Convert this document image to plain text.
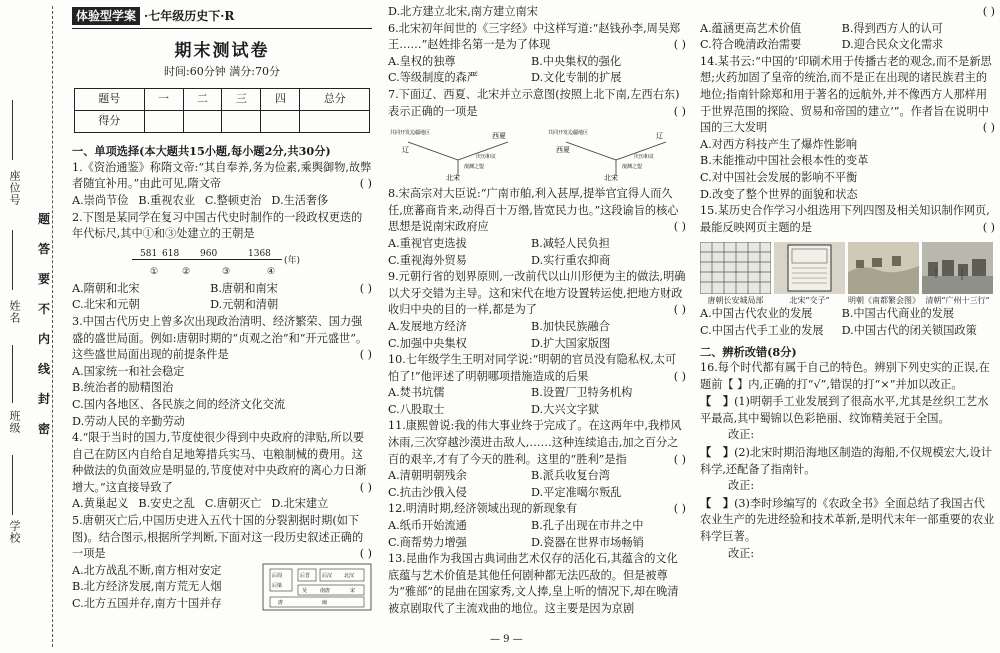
座位号
姓名
班级
学校
题
答
要
不
内
线
封
密
体验型学案 ·七年级历史下·R
期末测试卷
时间:60分钟 满分:70分
题号	一	二	三	四	总分
得分					
一、单项选择(本大题共15小题,每小题2分,共30分)
1.《资治通鉴》称隋文帝:“其自奉养,务为俭素,乘舆御物,故弊者随宜补用。”由此可见,隋文帝	( )
A.崇尚节俭 B.重视农业 C.整顿吏治 D.生活奢侈
2.下图是某同学在复习中国古代史时制作的一段政权更迭的年代标尺,其中①和③处建立的王朝是
581 618 960	1368
①	②	③	④
(年)
( )
A.隋朝和北宋	B.唐朝和南宋
C.北宋和元朝	D.元朝和清朝
3.中国古代历史上曾多次出现政治清明、经济繁荣、国力强盛的盛世局面。例如:唐朝时期的“贞观之治”和“开元盛世”。这些盛世局面出现的前提条件是	( )
A.国家统一和社会稳定
B.统治者的励精图治
C.国内各地区、各民族之间的经济文化交流
D.劳动人民的辛勤劳动
4.“限于当时的国力,节度使很少得到中央政府的津贴,所以要自己在防区内自给自足地筹措兵实马、屯粮制械的费用。这种做法的负面效应是明显的,节度使对中央政府的离心力日渐增大。”这直接导致了	( )
A.黄巢起义 B.安史之乱 C.唐朝灭亡 D.北宋建立
5.唐朝灭亡后,中国历史进入五代十国的分裂割据时期(如下图)。结合图示,根据所学判断,下面对这一段历史叙述正确的一项是	( )
A.北方战乱不断,南方相对安定
B.北方经济发展,南方荒无人烟
C.北方五国并存,南方十国并存
后周
后梁
唐
后晋 后汉 北汉
吴	南唐	宋
闽
D.北方建立北宋,南方建立南宋
6.北宋初年间世的《三字经》中这样写道:“赵钱孙李,周吴郑王……”赵姓排名第一是为了体现	( )
A.皇权的独尊	B.中央集权的强化
C.等级制度的森严	D.文化专制的扩展
7.下面辽、西夏、北宋并立示意图(按照上北下南,左西右东)表示正确的一项是	( )
共同开发边疆地区
辽
西夏
北宋
澶渊之盟
庆历和议
共同开发边疆地区
西夏
辽
北宋
澶渊之盟
庆历和议
8.宋高宗对大臣说:“广南市舶,利入甚厚,提举官宜得人而久任,庶蕃商肯来,动得百十万缗,皆宽民力也。”这段谕旨的核心思想是说南宋政府应	( )
A.重视官吏选拔	B.减轻人民负担
C.重视海外贸易	D.实行重农抑商
9.元朝行省的划界原则,一改前代以山川形便为主的做法,明确以犬牙交错为主导。这和宋代在地方设置转运使,把地方财政收归中央的目的一样,都是为了	( )
A.发展地方经济	B.加快民族融合
C.加强中央集权	D.扩大国家版图
10.七年级学生王明对同学说:“明朝的官员没有隐私权,太可怕了!”他评述了明朝哪项措施造成的后果	( )
A.焚书坑儒	B.设置厂卫特务机构
C.八股取士	D.大兴文字狱
11.康熙曾说:我的伟大事业终于完成了。在这两年中,我栉风沐雨,三次穿越沙漠进击敌人,……这种连续追击,加之百分之百的艰辛,才有了今天的胜利。这里的“胜利”是指	( )
A.清朝明朝残余	B.派兵收复台湾
C.抗击沙俄入侵	D.平定准噶尔叛乱
12.明清时期,经济领域出现的新现象有	( )
A.纸币开始流通	B.孔子出现在市井之中
C.商帮势力增强	D.瓷器在世界市场畅销
13.昆曲作为我国古典词曲艺术仅存的活化石,其蕴含的文化底蕴与艺术价值是其他任何剧种都无法匹敌的。但是被尊为“雅部”的昆曲在国家秀,文人捧,皇上听的情况下,却在晚清被京剧取代了主流戏曲的地位。这主要是因为京剧
( )
A.蕴涵更高艺术价值	B.得到西方人的认可
C.符合晚清政治需要	D.迎合民众文化需求
14.某书云:“中国的‘印刷术用于传播古老的观念,而不是新思想;火药加固了皇帝的统治,而不是正在出现的诸民族君主的地位;指南针除郑和用于著名的远航外,并不像西方人那样用于世界范围的探险、贸易和帝国的建立’”。作者旨在说明中国的三大发明	( )
A.对西方科技产生了爆炸性影响
B.未能推动中国社会根本性的变革
C.对中国社会发展的影响不平衡
D.改变了整个世界的面貌和状态
15.某历史合作学习小组选用下列四图及相关知识制作网页,最能反映网页主题的是	( )
唐朝长安城局部	北宋“交子”	明朝《南都繁会图》 清朝“广州十三行”
A.中国古代农业的发展	B.中国古代商业的发展
C.中国古代手工业的发展	D.中国古代的闭关锁国政策
二、辨析改错(8分)
16.每个时代都有属于自己的特色。辨别下列史实的正误,在题前【 】内,正确的打“√”,错误的打“×”并加以改正。
【   】(1)明朝手工业发展到了很高水平,尤其是丝织工艺水平最高,其中蜀锦以色彩艳丽、纹饰精美冠于全国。
改正:
【   】(2)北宋时期沿海地区制造的海船,不仅规模宏大,设计科学,还配备了指南针。
改正:
【   】(3)李时珍编写的《农政全书》全面总结了我国古代农业生产的先进经验和技术革新,是明代末年一部重要的农业科学巨著。
改正:
— 9 —
